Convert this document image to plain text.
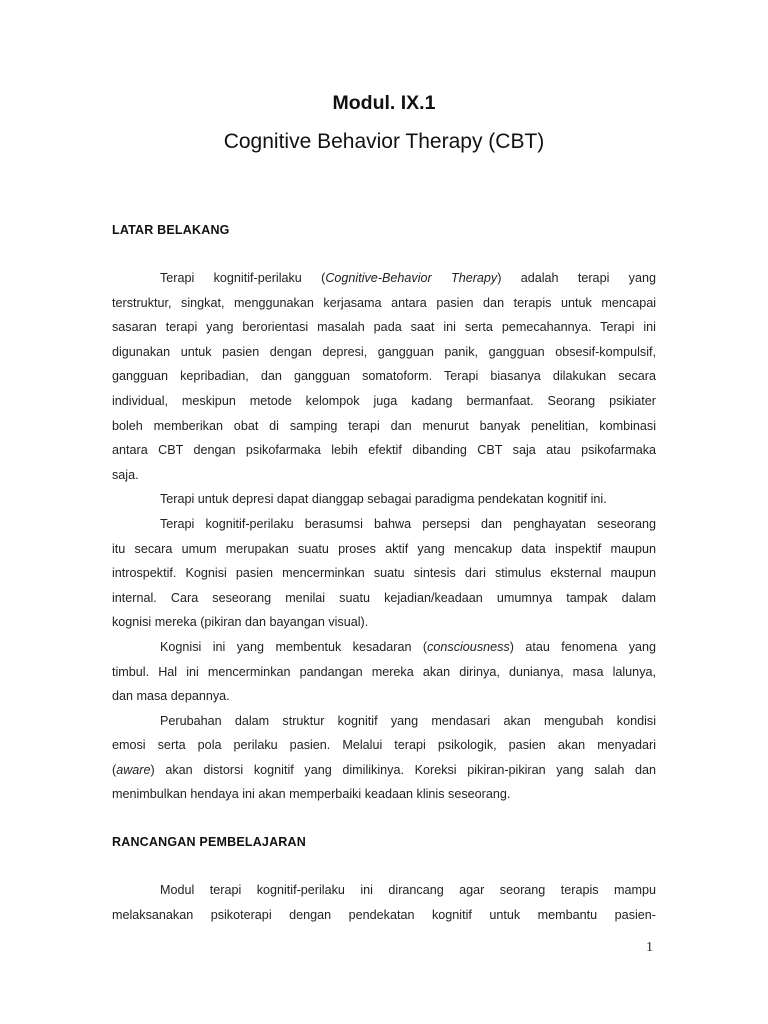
Modul. IX.1
Cognitive Behavior Therapy (CBT)
LATAR BELAKANG
Terapi kognitif-perilaku (Cognitive-Behavior Therapy) adalah terapi yang
terstruktur, singkat, menggunakan kerjasama antara pasien dan terapis untuk mencapai
sasaran terapi yang berorientasi masalah pada saat ini serta pemecahannya. Terapi ini
digunakan untuk pasien dengan depresi, gangguan panik, gangguan obsesif-kompulsif,
gangguan kepribadian, dan gangguan somatoform. Terapi biasanya dilakukan secara
individual, meskipun metode kelompok juga kadang bermanfaat. Seorang psikiater
boleh memberikan obat di samping terapi dan menurut banyak penelitian, kombinasi
antara CBT dengan psikofarmaka lebih efektif dibanding CBT saja atau psikofarmaka
saja.
Terapi untuk depresi dapat dianggap sebagai paradigma pendekatan kognitif ini.
Terapi kognitif-perilaku berasumsi bahwa persepsi dan penghayatan seseorang
itu secara umum merupakan suatu proses aktif yang mencakup data inspektif maupun
introspektif. Kognisi pasien mencerminkan suatu sintesis dari stimulus eksternal maupun
internal. Cara seseorang menilai suatu kejadian/keadaan umumnya tampak dalam
kognisi mereka (pikiran dan bayangan visual).
Kognisi ini yang membentuk kesadaran (consciousness) atau fenomena yang
timbul. Hal ini mencerminkan pandangan mereka akan dirinya, dunianya, masa lalunya,
dan masa depannya.
Perubahan dalam struktur kognitif yang mendasari akan mengubah kondisi
emosi serta pola perilaku pasien. Melalui terapi psikologik, pasien akan menyadari
(aware) akan distorsi kognitif yang dimilikinya. Koreksi pikiran-pikiran yang salah dan
menimbulkan hendaya ini akan memperbaiki keadaan klinis seseorang.
RANCANGAN PEMBELAJARAN
Modul terapi kognitif-perilaku ini dirancang agar seorang terapis mampu
melaksanakan psikoterapi dengan pendekatan kognitif untuk membantu pasien-
1
